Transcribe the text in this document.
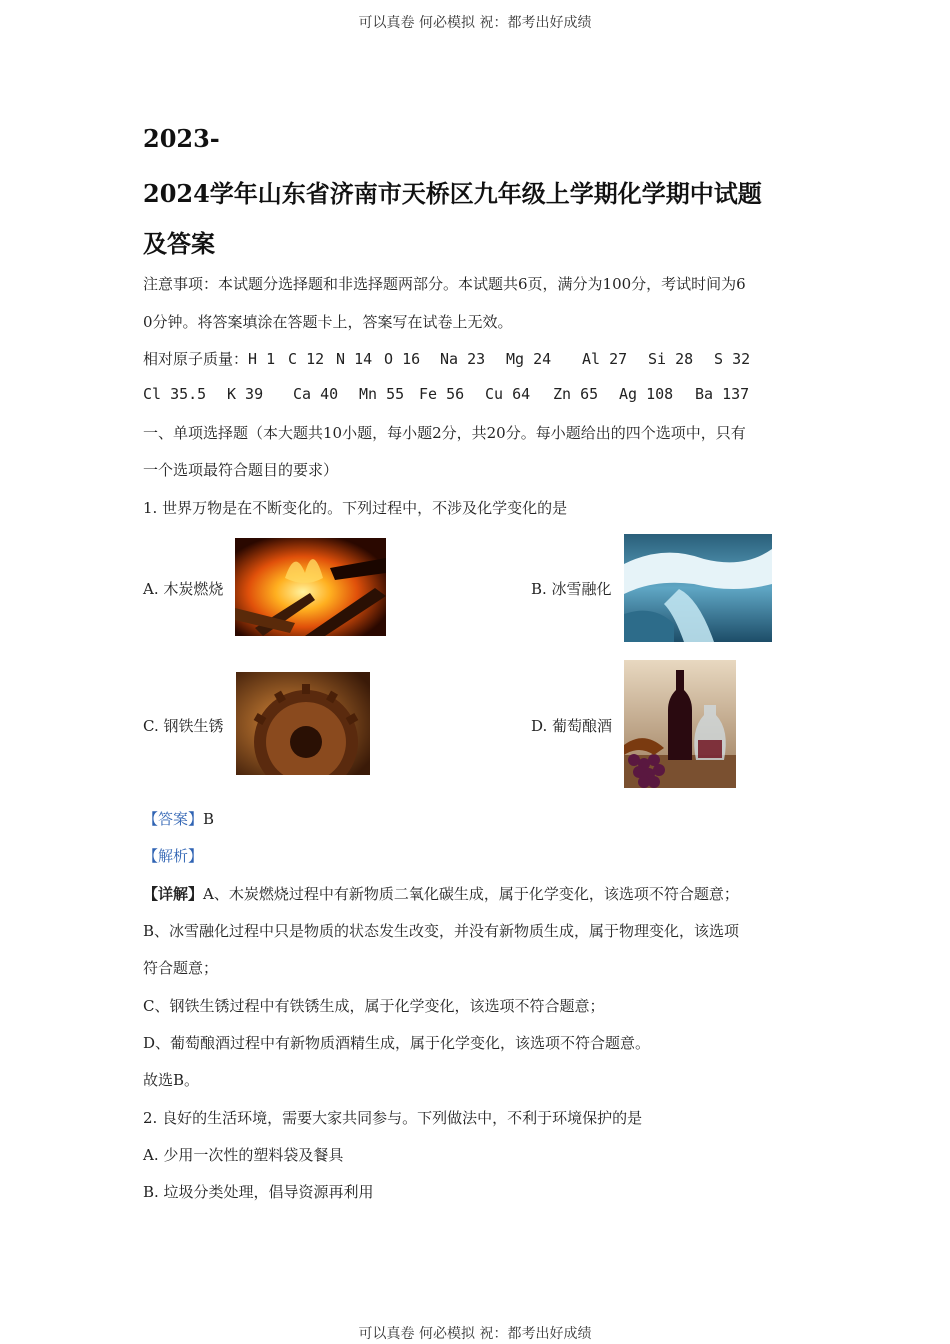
可以真卷 何必模拟 祝：都考出好成绩
2023-
2024学年山东省济南市天桥区九年级上学期化学期中试题
及答案
注意事项：本试题分选择题和非选择题两部分。本试题共6页，满分为100分，考试时间为6
0分钟。将答案填涂在答题卡上，答案写在试卷上无效。
相对原子质量：H 1 C 12 N 14 O 16 Na 23 Mg 24 Al 27 Si 28 S 32
Cl 35.5 K 39 Ca 40 Mn 55 Fe 56 Cu 64 Zn 65 Ag 108 Ba 137
一、单项选择题（本大题共10小题，每小题2分，共20分。每小题给出的四个选项中，只有
一个选项最符合题目的要求）
1. 世界万物是在不断变化的。下列过程中，不涉及化学变化的是
A. 木炭燃烧	B. 冰雪融化
C. 钢铁生锈	D. 葡萄酿酒
【答案】B
【解析】
【详解】A、木炭燃烧过程中有新物质二氧化碳生成，属于化学变化，该选项不符合题意；
B、冰雪融化过程中只是物质的状态发生改变，并没有新物质生成，属于物理变化，该选项
符合题意；
C、钢铁生锈过程中有铁锈生成，属于化学变化，该选项不符合题意；
D、葡萄酿酒过程中有新物质酒精生成，属于化学变化，该选项不符合题意。
故选B。
2. 良好的生活环境，需要大家共同参与。下列做法中，不利于环境保护的是
A. 少用一次性的塑料袋及餐具
B. 垃圾分类处理，倡导资源再利用
可以真卷 何必模拟 祝：都考出好成绩
